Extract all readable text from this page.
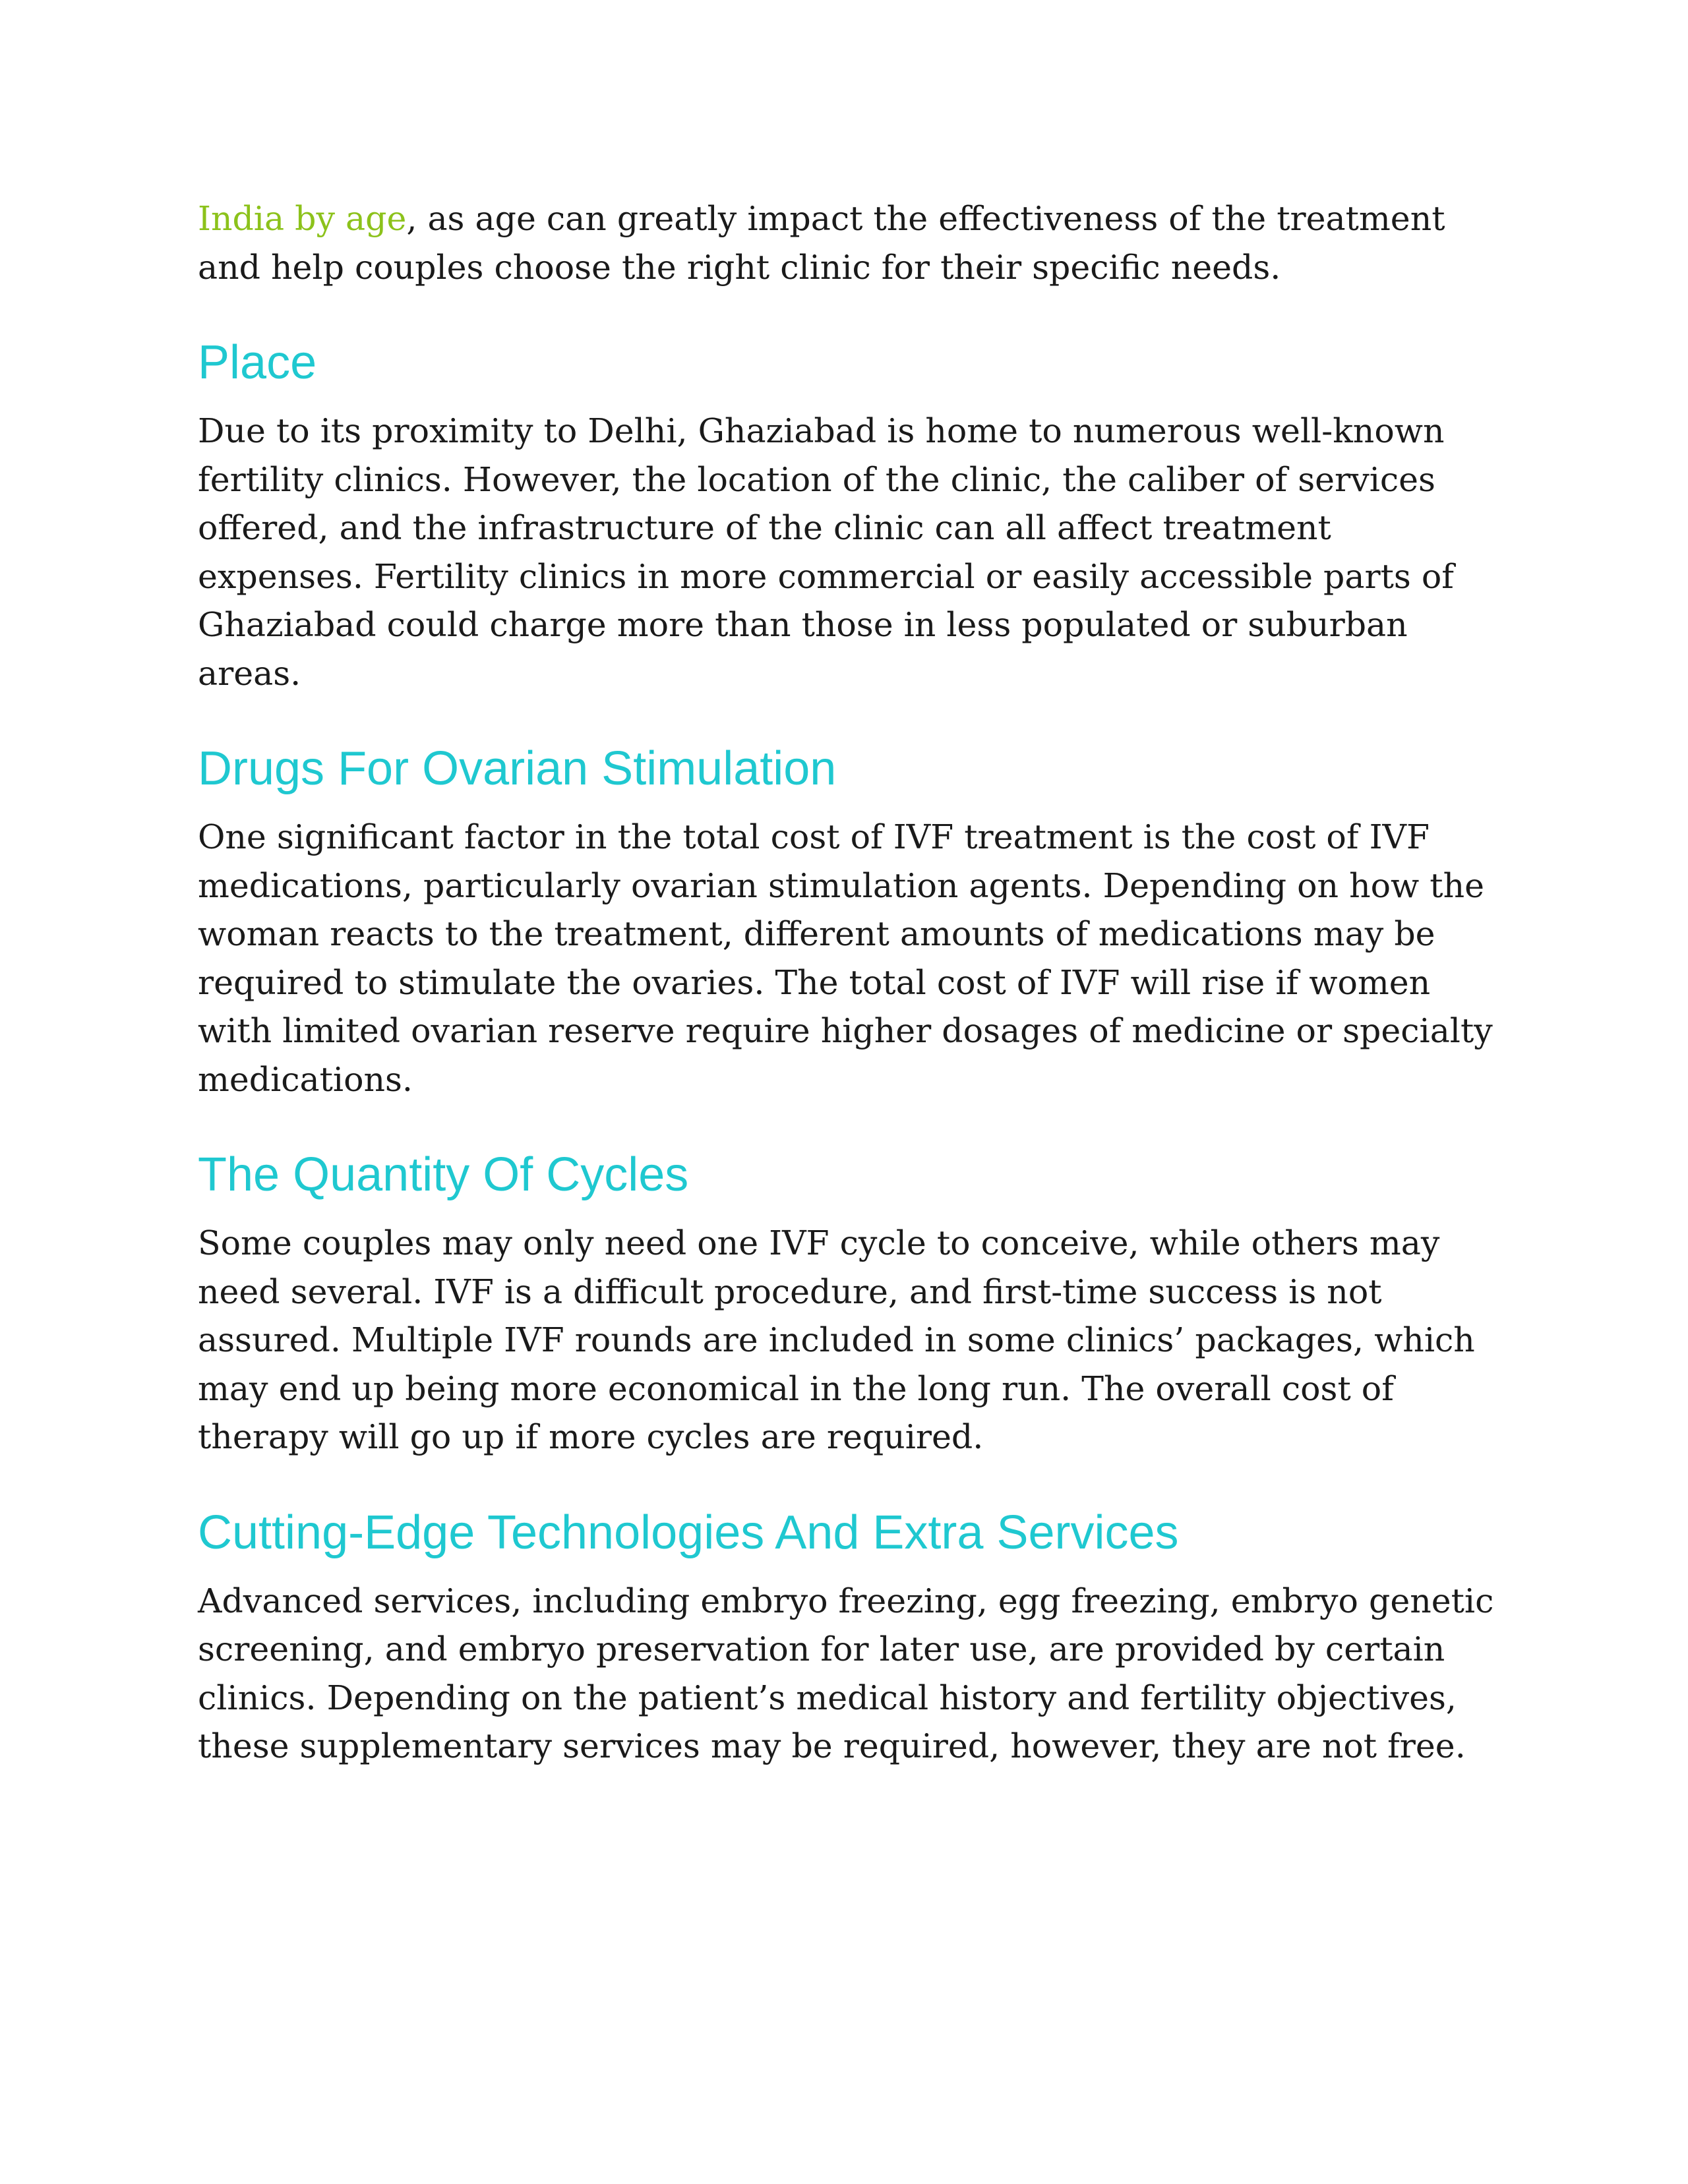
India by age, as age can greatly impact the effectiveness of the treatment and help couples choose the right clinic for their specific needs.

Place

Due to its proximity to Delhi, Ghaziabad is home to numerous well-known fertility clinics. However, the location of the clinic, the caliber of services offered, and the infrastructure of the clinic can all affect treatment expenses. Fertility clinics in more commercial or easily accessible parts of Ghaziabad could charge more than those in less populated or suburban areas.

Drugs For Ovarian Stimulation

One significant factor in the total cost of IVF treatment is the cost of IVF medications, particularly ovarian stimulation agents. Depending on how the woman reacts to the treatment, different amounts of medications may be required to stimulate the ovaries. The total cost of IVF will rise if women with limited ovarian reserve require higher dosages of medicine or specialty medications.

The Quantity Of Cycles

Some couples may only need one IVF cycle to conceive, while others may need several. IVF is a difficult procedure, and first-time success is not assured. Multiple IVF rounds are included in some clinics’ packages, which may end up being more economical in the long run. The overall cost of therapy will go up if more cycles are required.

Cutting-Edge Technologies And Extra Services

Advanced services, including embryo freezing, egg freezing, embryo genetic screening, and embryo preservation for later use, are provided by certain clinics. Depending on the patient’s medical history and fertility objectives, these supplementary services may be required, however, they are not free.
